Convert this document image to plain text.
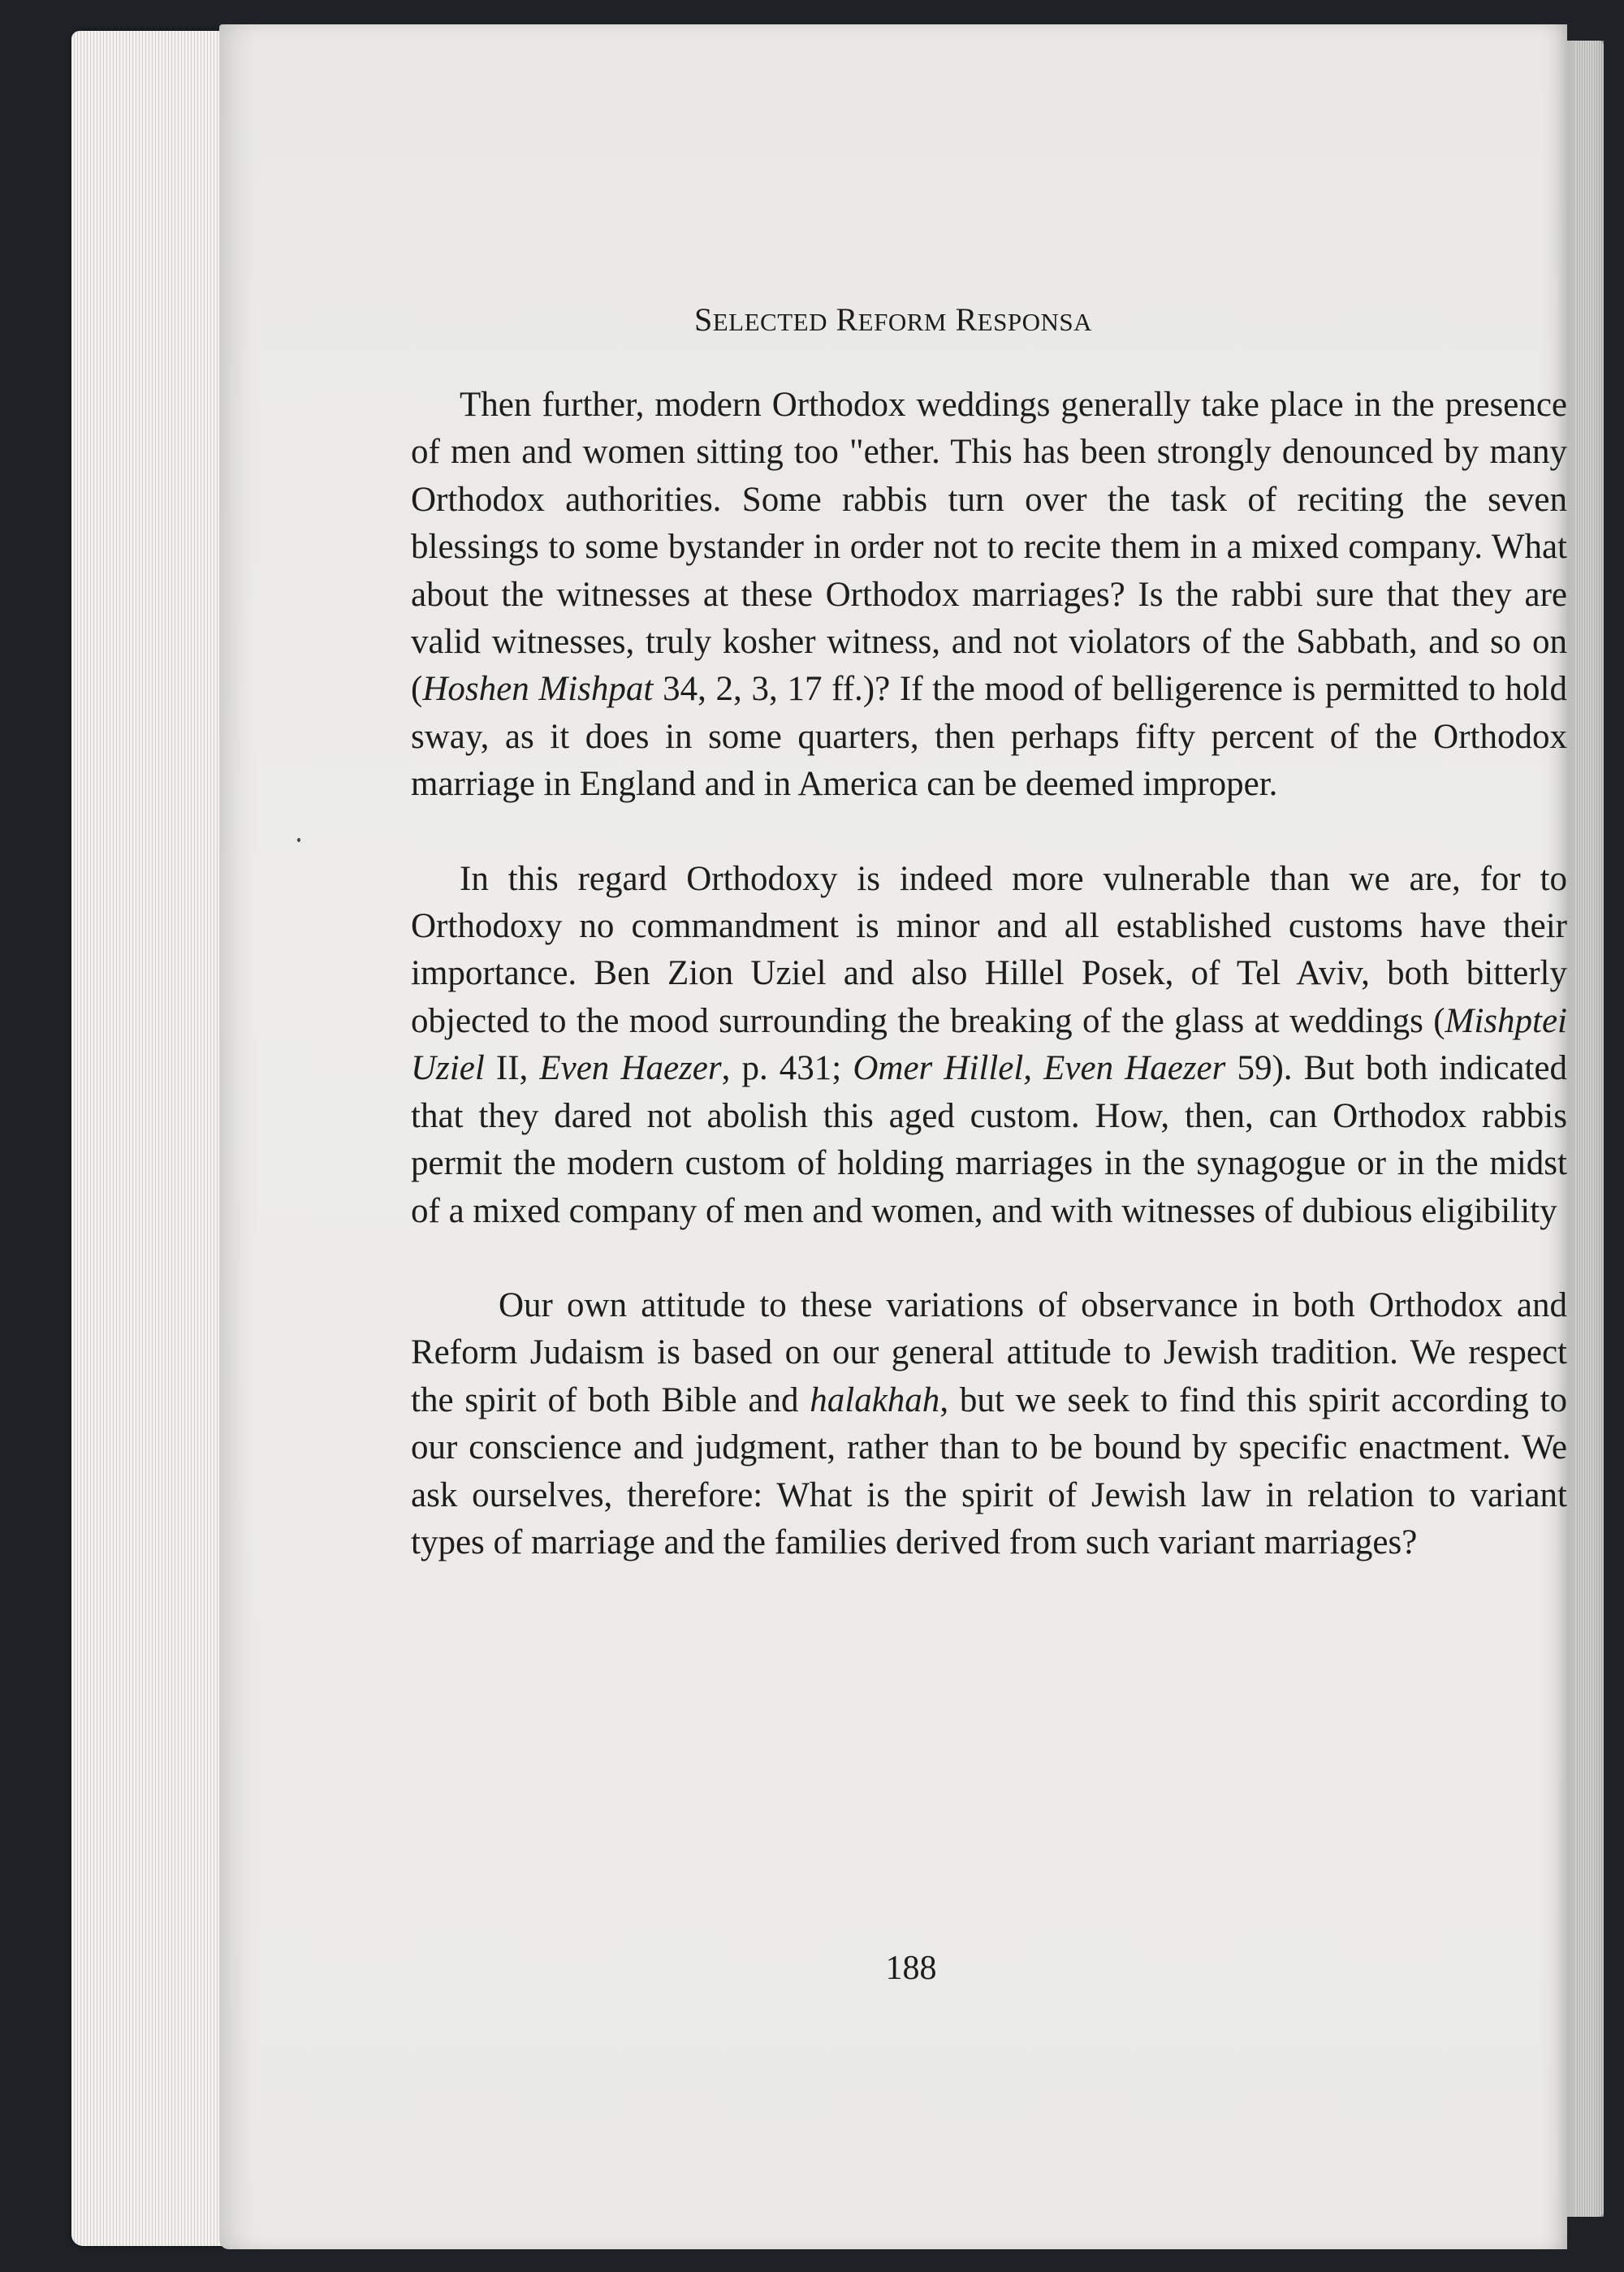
SELECTED REFORM RESPONSA

Then further, modern Orthodox weddings generally take place in the presence of men and women sitting too "ether. This has been strongly denounced by many Orthodox authorities. Some rabbis turn over the task of reciting the seven blessings to some bystander in order not to recite them in a mixed company. What about the witnesses at these Orthodox marriages? Is the rabbi sure that they are valid witnesses, truly kosher witness, and not violators of the Sabbath, and so on (Hoshen Mishpat 34, 2, 3, 17 ff.)? If the mood of belligerence is permitted to hold sway, as it does in some quarters, then perhaps fifty percent of the Orthodox marriage in England and in America can be deemed improper.

In this regard Orthodoxy is indeed more vulnerable than we are, for to Orthodoxy no commandment is minor and all established customs have their importance. Ben Zion Uziel and also Hillel Posek, of Tel Aviv, both bitterly objected to the mood surrounding the breaking of the glass at weddings (Mishptei Uziel II, Even Haezer, p. 431; Omer Hillel, Even Haezer 59). But both indicated that they dared not abolish this aged custom. How, then, can Orthodox rabbis permit the modern custom of holding marriages in the synagogue or in the midst of a mixed company of men and women, and with witnesses of dubious eligibility

Our own attitude to these variations of observance in both Orthodox and Reform Judaism is based on our general attitude to Jewish tradition. We respect the spirit of both Bible and halakhah, but we seek to find this spirit according to our conscience and judgment, rather than to be bound by specific enactment. We ask ourselves, therefore: What is the spirit of Jewish law in relation to variant types of marriage and the families derived from such variant marriages?

188
